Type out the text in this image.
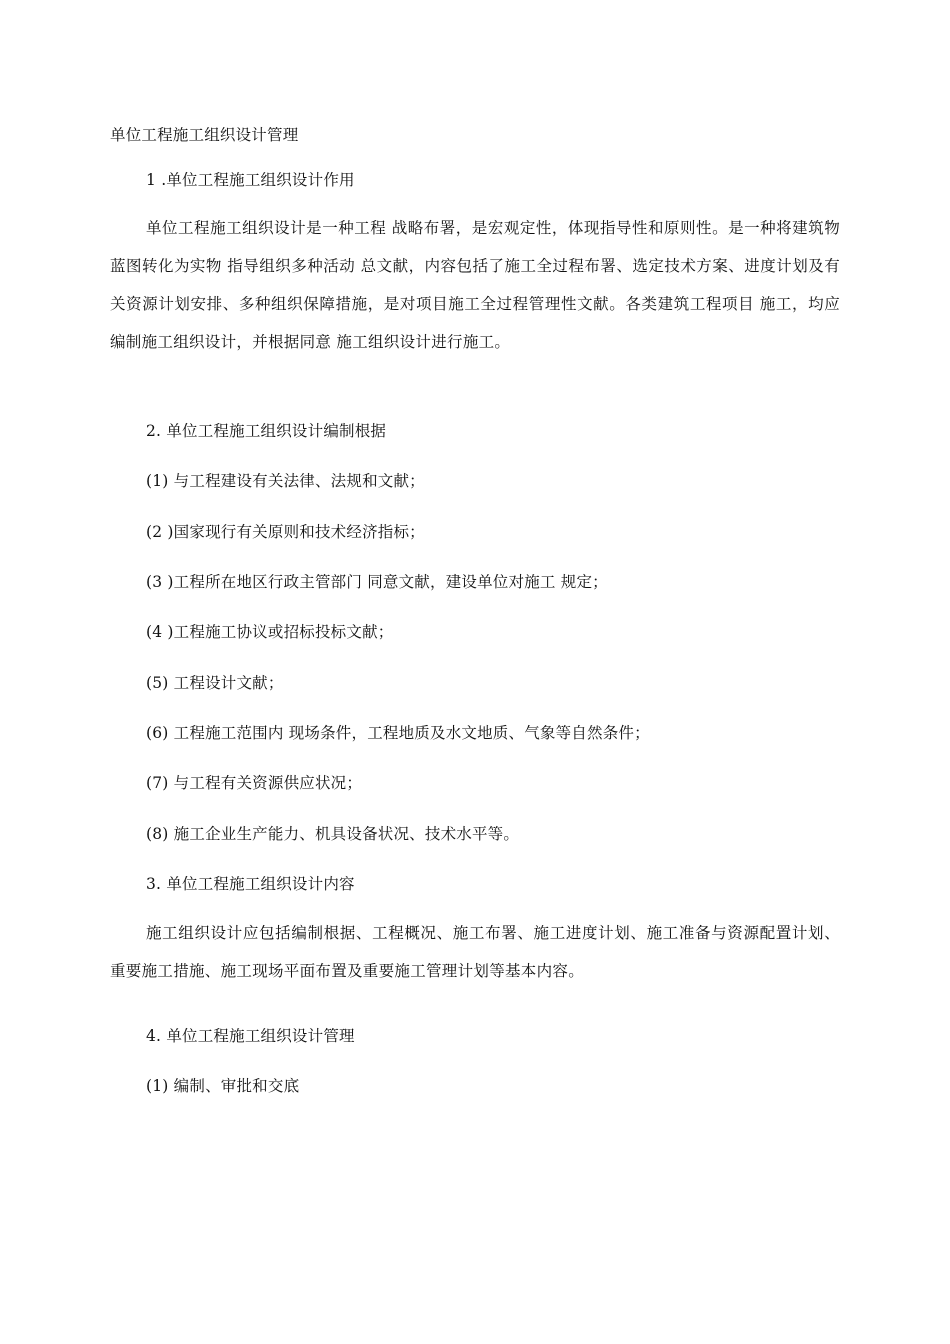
单位工程施工组织设计管理
1 .单位工程施工组织设计作用
单位工程施工组织设计是一种工程 战略布署，是宏观定性，体现指导性和原则性。是一种将建筑物 蓝图转化为实物 指导组织多种活动 总文献，内容包括了施工全过程布署、选定技术方案、进度计划及有关资源计划安排、多种组织保障措施，是对项目施工全过程管理性文献。各类建筑工程项目 施工，均应编制施工组织设计，并根据同意 施工组织设计进行施工。
2. 单位工程施工组织设计编制根据
(1) 与工程建设有关法律、法规和文献；
(2 )国家现行有关原则和技术经济指标；
(3 )工程所在地区行政主管部门 同意文献，建设单位对施工 规定；
(4 )工程施工协议或招标投标文献；
(5) 工程设计文献；
(6) 工程施工范围内 现场条件，工程地质及水文地质、气象等自然条件；
(7) 与工程有关资源供应状况；
(8) 施工企业生产能力、机具设备状况、技术水平等。
3. 单位工程施工组织设计内容
施工组织设计应包括编制根据、工程概况、施工布署、施工进度计划、施工准备与资源配置计划、重要施工措施、施工现场平面布置及重要施工管理计划等基本内容。
4. 单位工程施工组织设计管理
(1) 编制、审批和交底
